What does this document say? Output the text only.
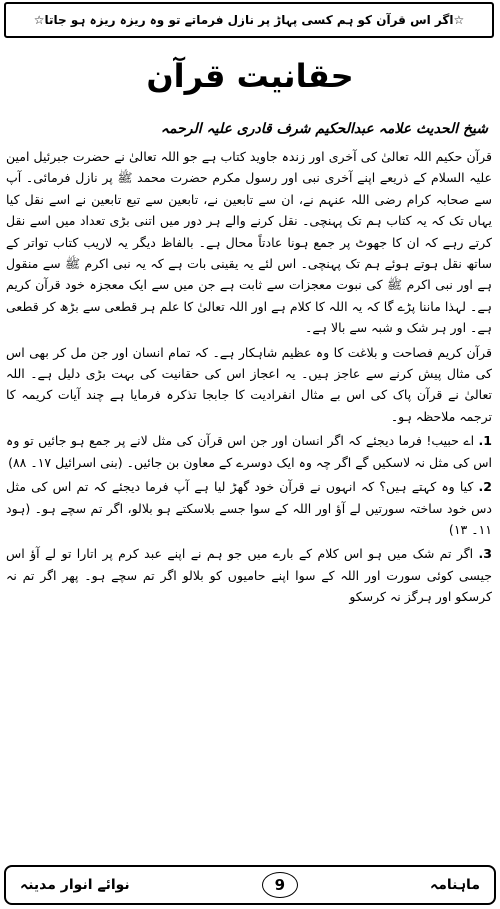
☆اگر اس قرآن کو ہم کسی پہاڑ پر نازل فرماتے تو وہ ریزہ ریزہ ہو جاتا☆
حقانیت قرآن
شیخ الحدیث علامہ عبدالحکیم شرف قادری علیہ الرحمہ

قرآن حکیم اللہ تعالیٰ کی آخری اور زندہ جاوید کتاب ہے جو اللہ تعالیٰ نے حضرت جبرئیل امین علیہ السلام کے ذریعے اپنے آخری نبی اور رسول مکرم حضرت محمد ﷺ پر نازل فرمائی۔ آپ سے صحابہ کرام رضی اللہ عنہم نے، ان سے تابعین نے، تابعین سے تبع تابعین نے اسے نقل کیا یہاں تک کہ یہ کتاب ہم تک پہنچی۔ نقل کرنے والے ہر دور میں اتنی بڑی تعداد میں اسے نقل کرتے رہے کہ ان کا جھوٹ پر جمع ہونا عادتاً محال ہے۔ بالفاظ دیگر یہ لاریب کتاب تواتر کے ساتھ نقل ہوتے ہوئے ہم تک پہنچی۔ اس لئے یہ یقینی بات ہے کہ یہ نبی اکرم ﷺ سے منقول ہے اور نبی اکرم ﷺ کی نبوت معجزات سے ثابت ہے جن میں سے ایک معجزہ خود قرآن کریم ہے۔ لہذا ماننا پڑے گا کہ یہ اللہ کا کلام ہے اور اللہ تعالیٰ کا علم ہر قطعی سے بڑھ کر قطعی ہے۔ اور ہر شک و شبہ سے بالا ہے۔

قرآن کریم فصاحت و بلاغت کا وہ عظیم شاہکار ہے۔ کہ تمام انسان اور جن مل کر بھی اس کی مثال پیش کرنے سے عاجز ہیں۔ یہ اعجاز اس کی حقانیت کی بہت بڑی دلیل ہے۔ اللہ تعالیٰ نے قرآن پاک کی اس بے مثال انفرادیت کا جابجا تذکرہ فرمایا ہے چند آیات کریمہ کا ترجمہ ملاحظہ ہو۔

1. اے حبیب! فرما دیجئے کہ اگر انسان اور جن اس قرآن کی مثل لانے پر جمع ہو جائیں تو وہ اس کی مثل نہ لاسکیں گے اگر چہ وہ ایک دوسرے کے معاون بن جائیں۔ (بنی اسرائیل ۱۷۔ ۸۸)

2. کیا وہ کہتے ہیں؟ کہ انہوں نے قرآن خود گھڑ لیا ہے آپ فرما دیجئے کہ تم اس کی مثل دس خود ساختہ سورتیں لے آؤ اور اللہ کے سوا جسے بلاسکتے ہو بلالو، اگر تم سچے ہو۔ (ہود ۱۱۔ ۱۳)

3. اگر تم شک میں ہو اس کلام کے بارے میں جو ہم نے اپنے عبد کرم پر اتارا تو لے آؤ اس جیسی کوئی سورت اور اللہ کے سوا اپنے حامیوں کو بلالو اگر تم سچے ہو۔ پھر اگر تم نہ کرسکو اور ہرگز نہ کرسکو

ماہنامہ
9
نوائے انوار مدینہ
